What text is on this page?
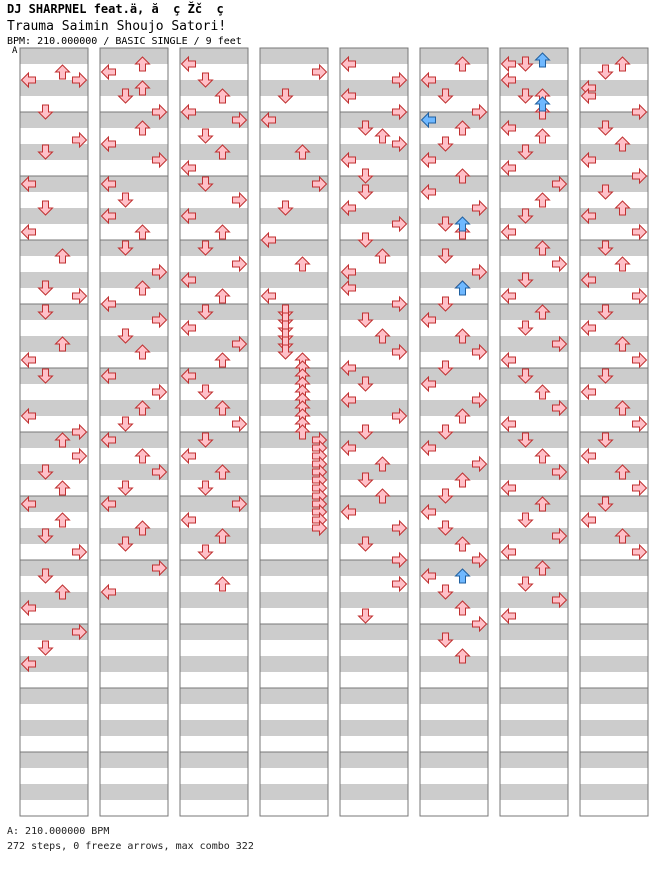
DJ SHARPNEL feat.ä, ă  ç Žč  ç
Trauma Saimin Shoujo Satori!
BPM: 210.000000 / BASIC SINGLE / 9 feet
A
A: 210.000000 BPM
272 steps, 0 freeze arrows, max combo 322
